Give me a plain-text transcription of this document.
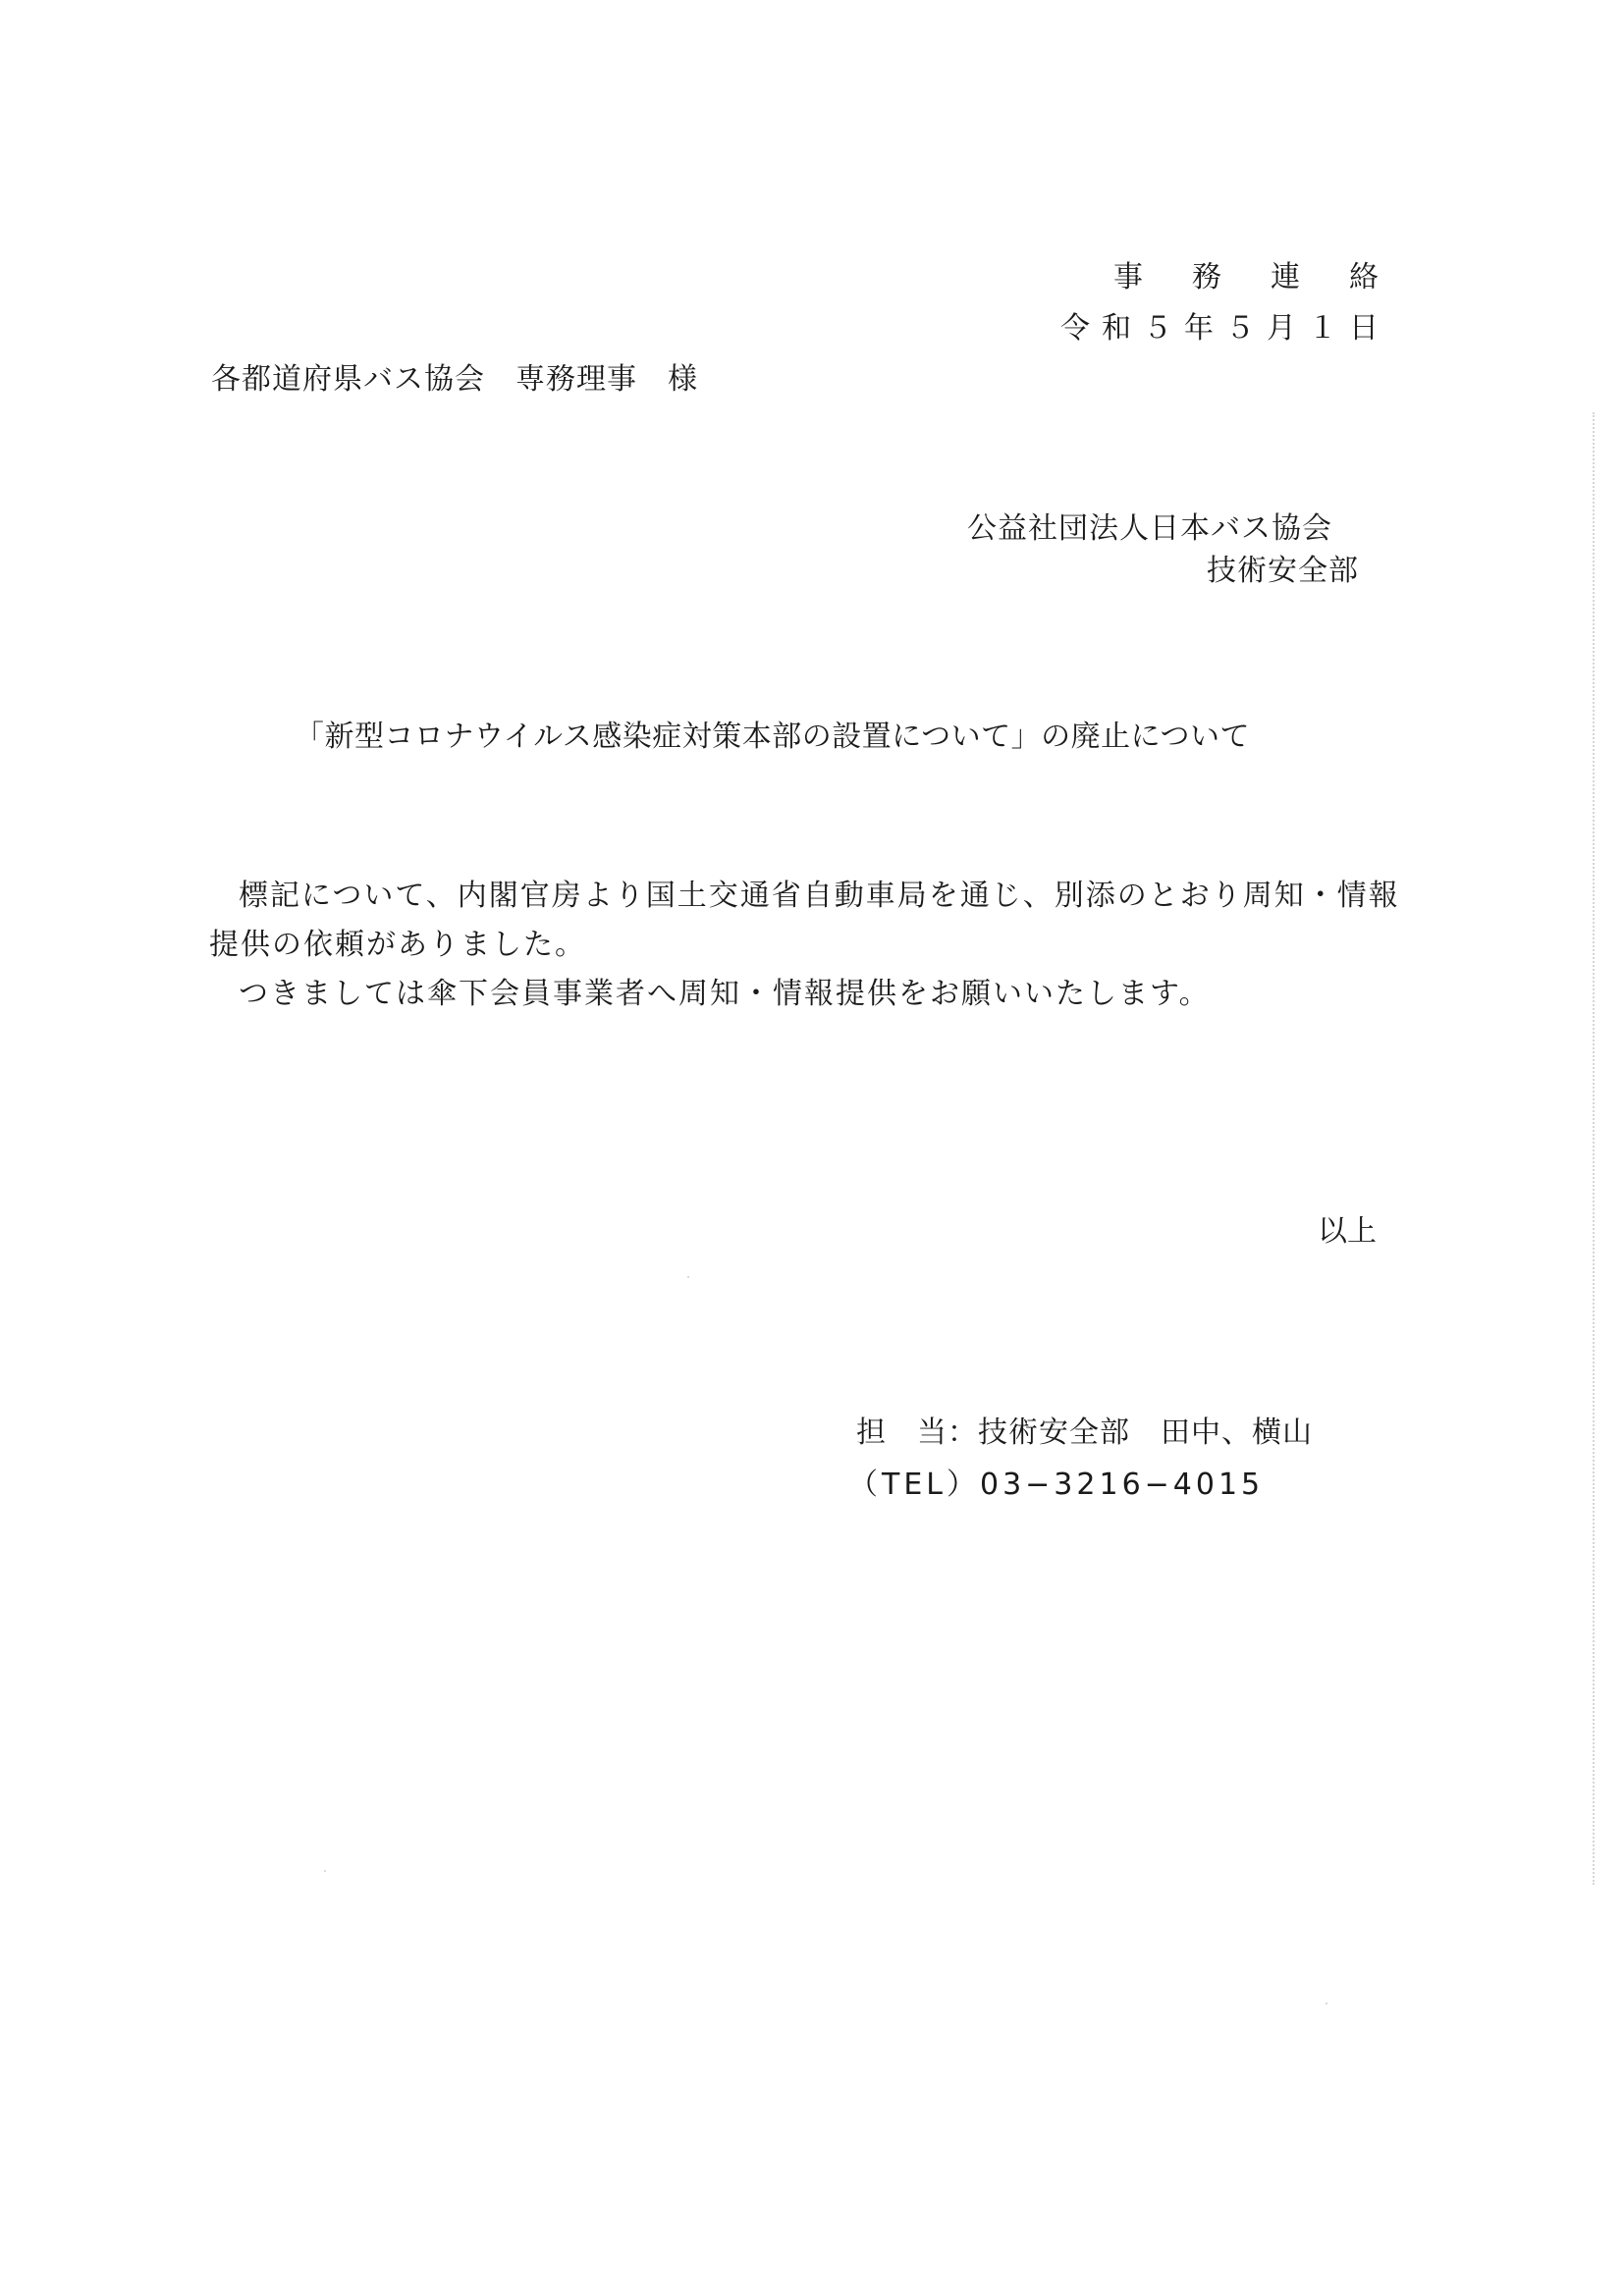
事務連絡
令和５年５月１日
各都道府県バス協会　専務理事　様
公益社団法人日本バス協会
技術安全部
「新型コロナウイルス感染症対策本部の設置について」の廃止について

標記について、内閣官房より国土交通省自動車局を通じ、別添のとおり周知・情報提供の依頼がありました。

つきましては傘下会員事業者へ周知・情報提供をお願いいたします。

以上
担　当：技術安全部　田中、横山
（TEL）03−3216−4015
